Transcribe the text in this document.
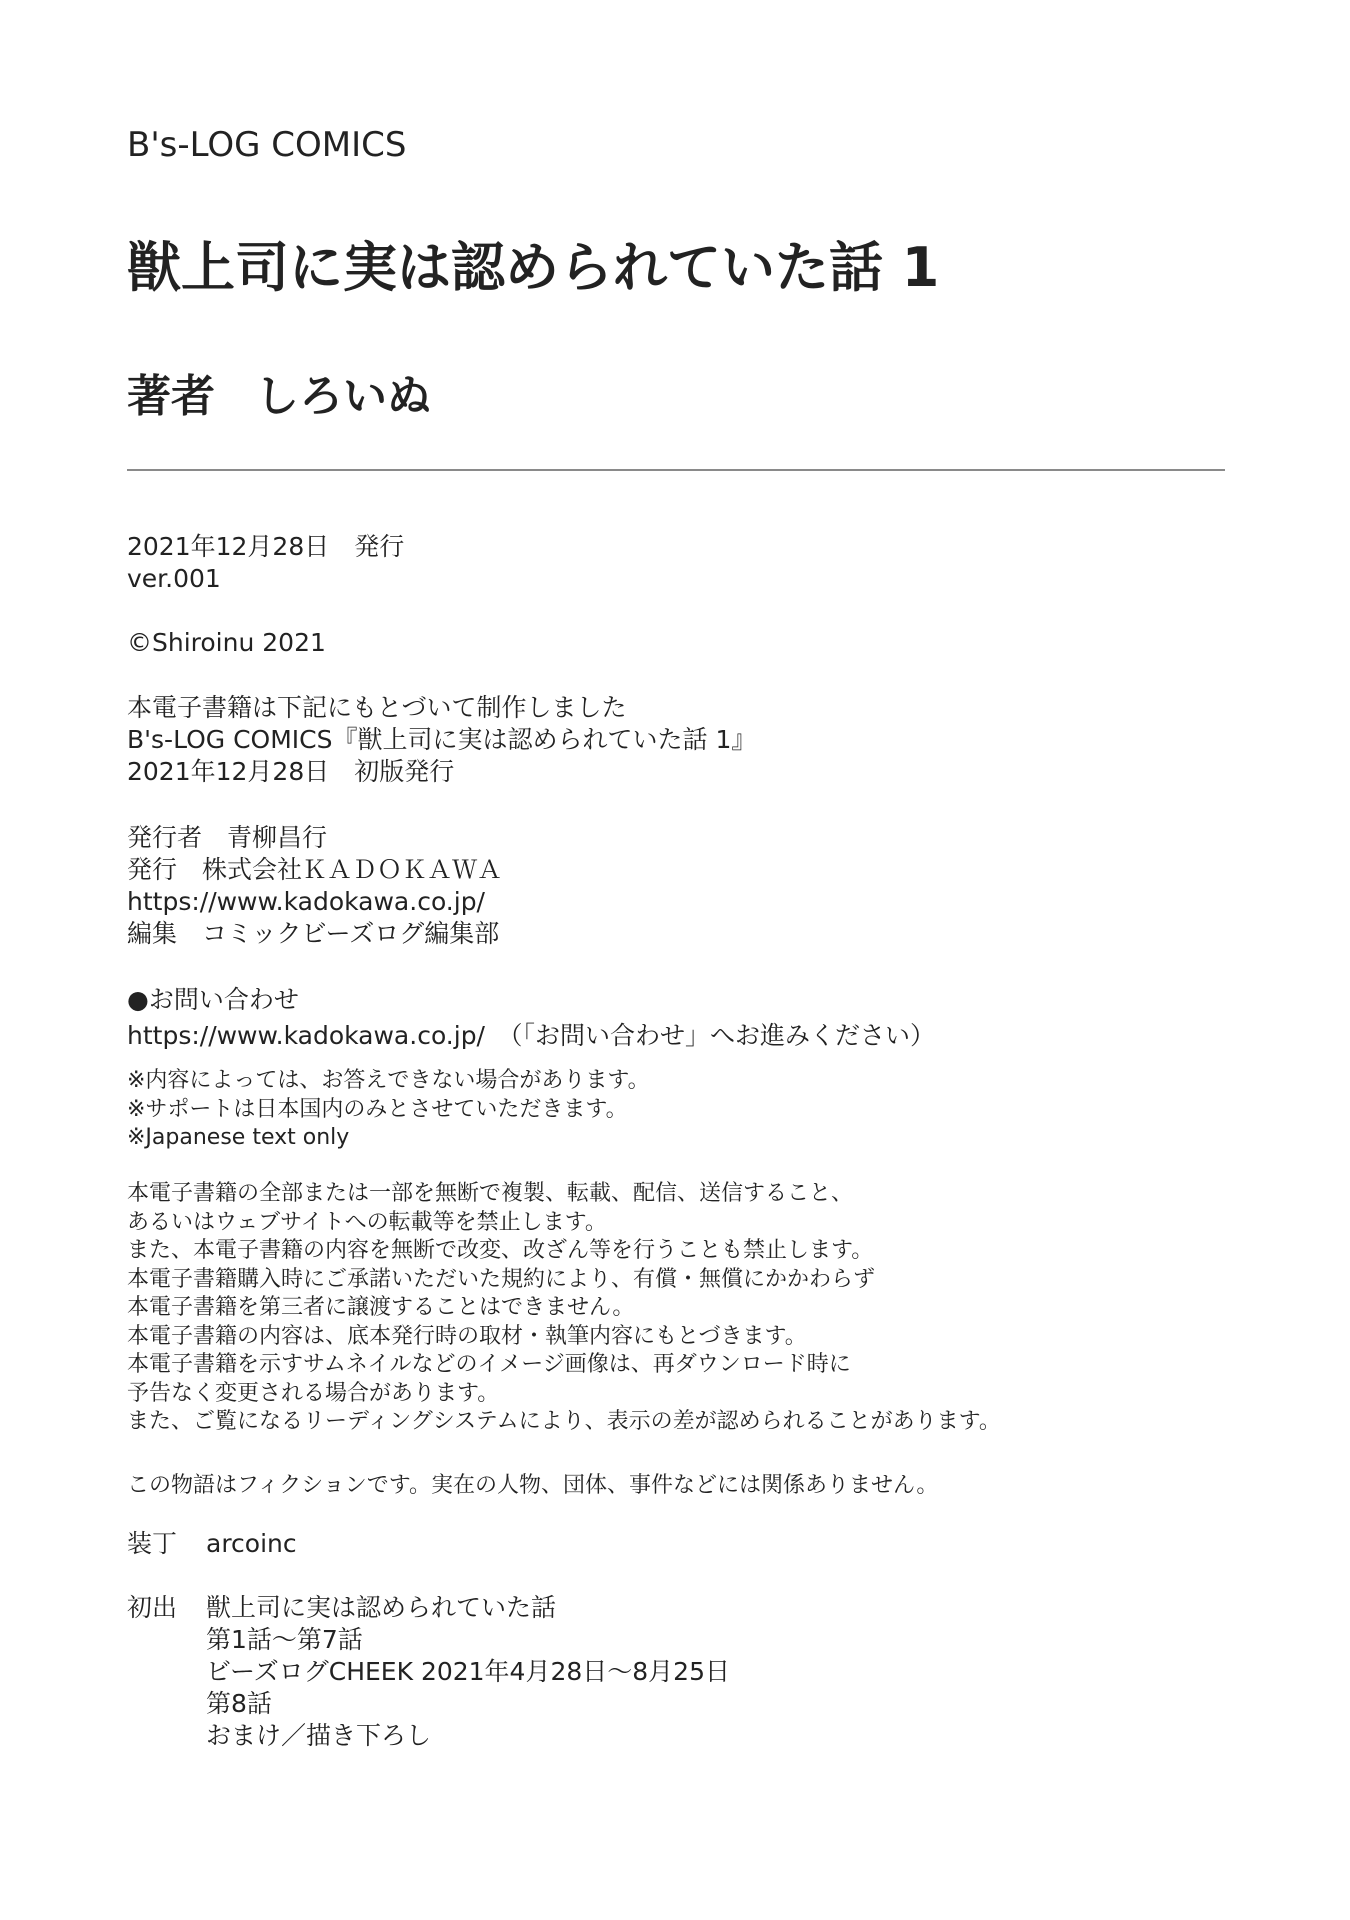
B's-LOG COMICS
獣上司に実は認められていた話 1
著者 しろいぬ
2021年12月28日　発行
ver.001
©Shiroinu 2021
本電子書籍は下記にもとづいて制作しました
B's-LOG COMICS『獣上司に実は認められていた話 1』
2021年12月28日　初版発行
発行者　青柳昌行
発行　株式会社ＫＡＤＯＫＡＷＡ
https://www.kadokawa.co.jp/
編集　コミックビーズログ編集部
●お問い合わせ
https://www.kadokawa.co.jp/　（「お問い合わせ」へお進みください）
※内容によっては、お答えできない場合があります。
※サポートは日本国内のみとさせていただきます。
※Japanese text only
本電子書籍の全部または一部を無断で複製、転載、配信、送信すること、
あるいはウェブサイトへの転載等を禁止します。
また、本電子書籍の内容を無断で改変、改ざん等を行うことも禁止します。
本電子書籍購入時にご承諾いただいた規約により、有償・無償にかかわらず
本電子書籍を第三者に譲渡することはできません。
本電子書籍の内容は、底本発行時の取材・執筆内容にもとづきます。
本電子書籍を示すサムネイルなどのイメージ画像は、再ダウンロード時に
予告なく変更される場合があります。
また、ご覧になるリーディングシステムにより、表示の差が認められることがあります。
この物語はフィクションです。実在の人物、団体、事件などには関係ありません。
装丁	arcoinc
初出	獣上司に実は認められていた話
第1話～第7話
ビーズログCHEEK 2021年4月28日～8月25日
第8話
おまけ／描き下ろし
